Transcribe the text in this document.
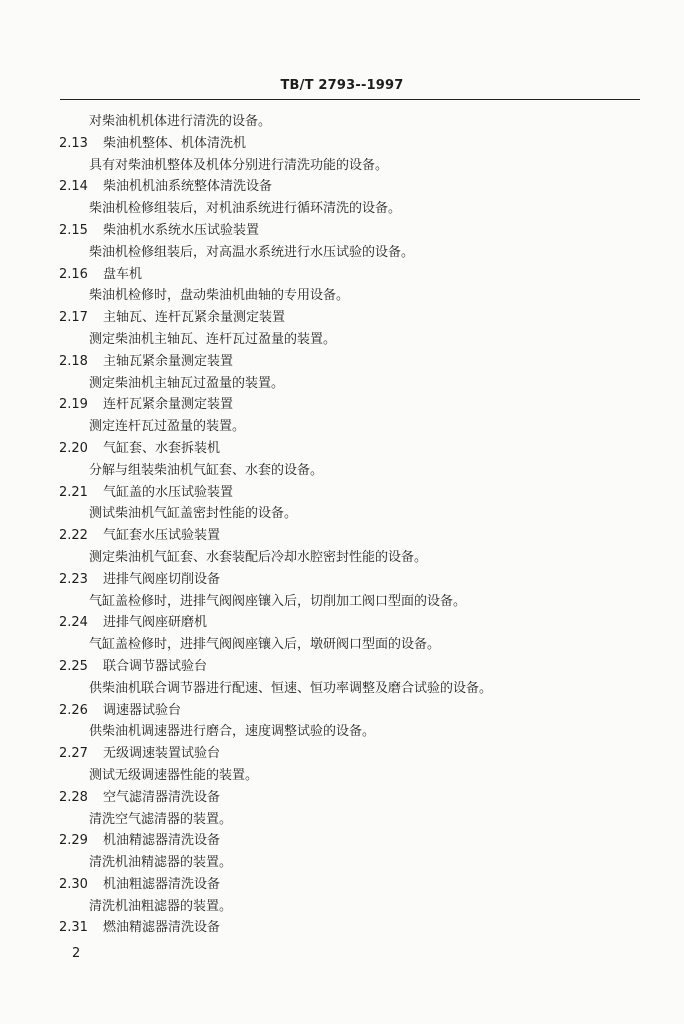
TB/T 2793--1997
对柴油机机体进行清洗的设备。
2.13	柴油机整体、机体清洗机
具有对柴油机整体及机体分别进行清洗功能的设备。
2.14	柴油机机油系统整体清洗设备
柴油机检修组装后，对机油系统进行循环清洗的设备。
2.15	柴油机水系统水压试验装置
柴油机检修组装后，对高温水系统进行水压试验的设备。
2.16	盘车机
柴油机检修时，盘动柴油机曲轴的专用设备。
2.17	主轴瓦、连杆瓦紧余量测定装置
测定柴油机主轴瓦、连杆瓦过盈量的装置。
2.18	主轴瓦紧余量测定装置
测定柴油机主轴瓦过盈量的装置。
2.19	连杆瓦紧余量测定装置
测定连杆瓦过盈量的装置。
2.20	气缸套、水套拆装机
分解与组装柴油机气缸套、水套的设备。
2.21	气缸盖的水压试验装置
测试柴油机气缸盖密封性能的设备。
2.22	气缸套水压试验装置
测定柴油机气缸套、水套装配后冷却水腔密封性能的设备。
2.23	进排气阀座切削设备
气缸盖检修时，进排气阀阀座镶入后，切削加工阀口型面的设备。
2.24	进排气阀座研磨机
气缸盖检修时，进排气阀阀座镶入后，墩研阀口型面的设备。
2.25	联合调节器试验台
供柴油机联合调节器进行配速、恒速、恒功率调整及磨合试验的设备。
2.26	调速器试验台
供柴油机调速器进行磨合，速度调整试验的设备。
2.27	无级调速装置试验台
测试无级调速器性能的装置。
2.28	空气滤清器清洗设备
清洗空气滤清器的装置。
2.29	机油精滤器清洗设备
清洗机油精滤器的装置。
2.30	机油粗滤器清洗设备
清洗机油粗滤器的装置。
2.31	燃油精滤器清洗设备
2
